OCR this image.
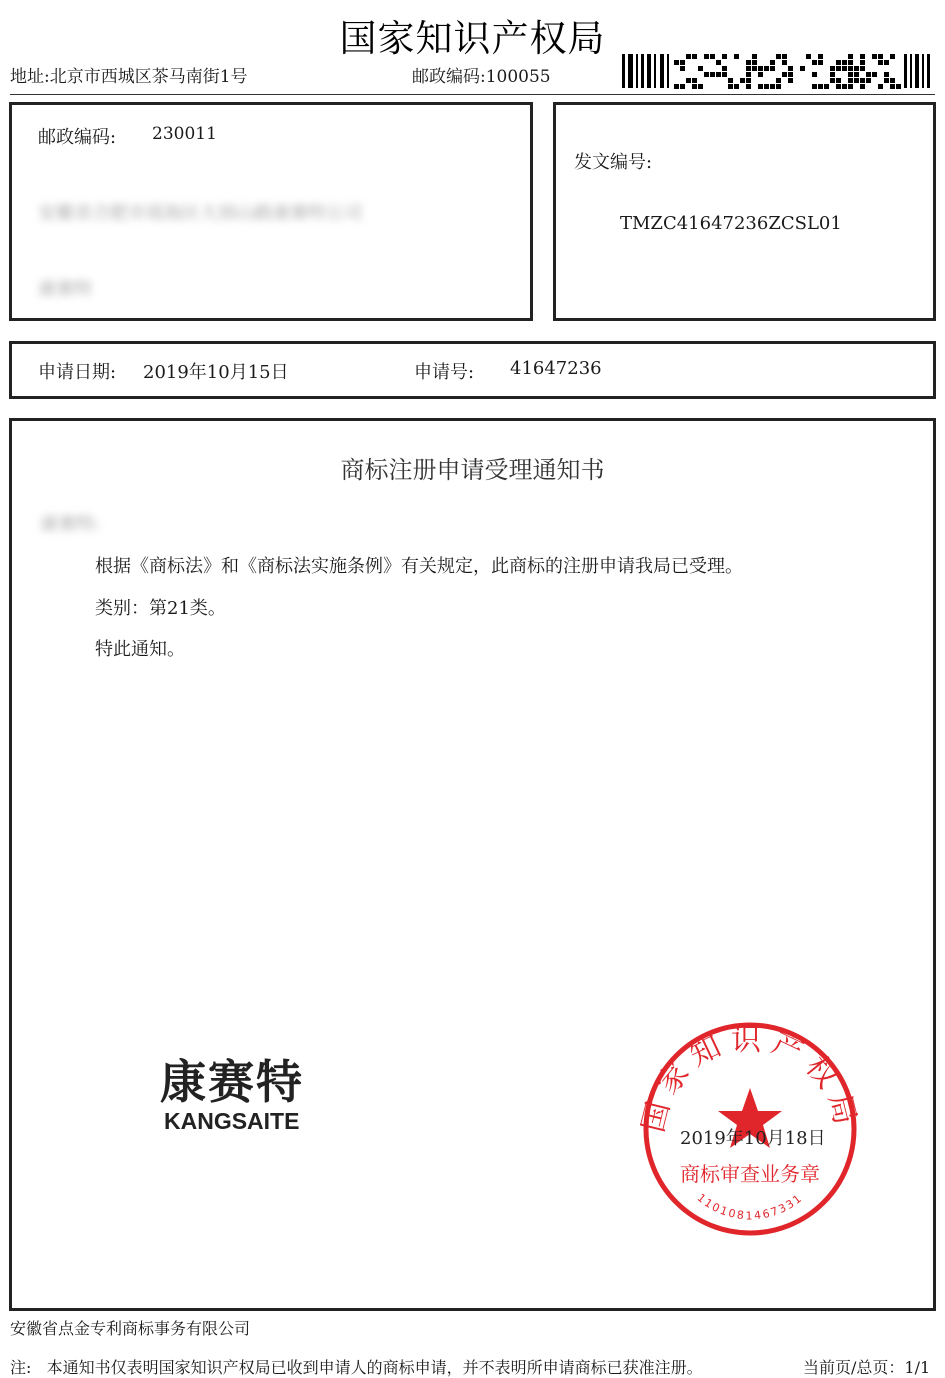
国家知识产权局
地址:北京市西城区茶马南街1号	邮政编码:100055
邮政编码: 230011
安徽省合肥市瑶海区大别山路康赛特公司
康赛特
发文编号:
TMZC41647236ZCSL01
申请日期: 2019年10月15日	申请号: 41647236
商标注册申请受理通知书
康赛特:
根据《商标法》和《商标法实施条例》有关规定，此商标的注册申请我局已受理。
类别：第21类。
特此通知。
康赛特
KANGSAITE	国家知识产权局
商标审查业务章
1101081467331
2019年10月18日
安徽省点金专利商标事务有限公司
注:   本通知书仅表明国家知识产权局已收到申请人的商标申请，并不表明所申请商标已获准注册。	当前页/总页：1/1
